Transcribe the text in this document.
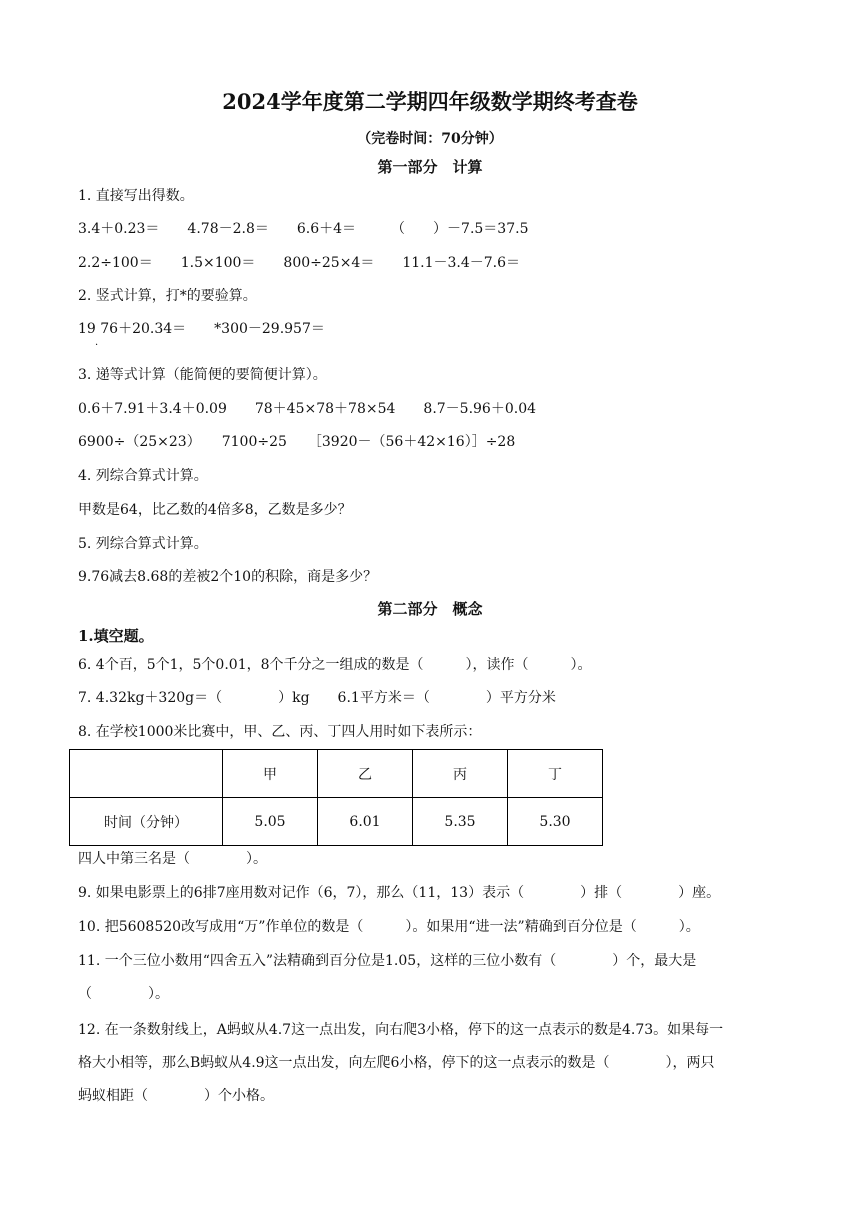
2024学年度第二学期四年级数学期终考查卷
（完卷时间：70分钟）
第一部分　计算
1. 直接写出得数。
3.4＋0.23＝　　4.78－2.8＝　　6.6＋4＝　　　（　　）－7.5＝37.5
2.2÷100＝　　1.5×100＝　　800÷25×4＝　　11.1－3.4－7.6＝
2. 竖式计算，打*的要验算。
19 76＋20.34＝　　*300－29.957＝
·
3. 递等式计算（能简便的要简便计算）。
0.6＋7.91＋3.4＋0.09　　78＋45×78＋78×54　　8.7－5.96＋0.04
6900÷（25×23）　　7100÷25　　［3920－（56＋42×16）］÷28
4. 列综合算式计算。
甲数是64，比乙数的4倍多8，乙数是多少？
5. 列综合算式计算。
9.76减去8.68的差被2个10的积除，商是多少？
第二部分　概念
1.填空题。
6. 4个百，5个1，5个0.01，8个千分之一组成的数是（　　　），读作（　　　）。
7. 4.32kg＋320g＝（　　　　）kg　　6.1平方米＝（　　　　）平方分米
8. 在学校1000米比赛中，甲、乙、丙、丁四人用时如下表所示：
	甲	乙	丙	丁
时间（分钟）	5.05	6.01	5.35	5.30
四人中第三名是（　　　　）。
9. 如果电影票上的6排7座用数对记作（6，7），那么（11，13）表示（　　　　）排（　　　　）座。
10. 把5608520改写成用“万”作单位的数是（　　　）。如果用“进一法”精确到百分位是（　　　）。
11. 一个三位小数用“四舍五入”法精确到百分位是1.05，这样的三位小数有（　　　　）个，最大是
（　　　　）。
12. 在一条数射线上，A蚂蚁从4.7这一点出发，向右爬3小格，停下的这一点表示的数是4.73。如果每一
格大小相等，那么B蚂蚁从4.9这一点出发，向左爬6小格，停下的这一点表示的数是（　　　　），两只
蚂蚁相距（　　　　）个小格。
